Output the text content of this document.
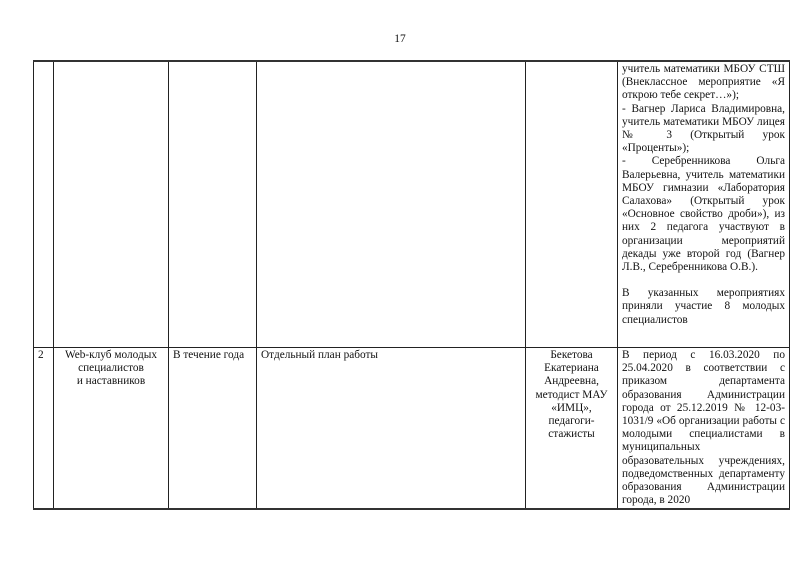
17

					учитель математики МБОУ СТШ (Внеклассное мероприятие «Я открою тебе секрет…»);
- Вагнер Лариса Владимировна, учитель математики МБОУ лицея № 3 (Открытый урок «Проценты»);
- Серебренникова Ольга Валерьевна, учитель математики МБОУ гимназии «Лаборатория Салахова» (Открытый урок «Основное свойство дроби»), из них 2 педагога участвуют в организации мероприятий декады уже второй год (Вагнер Л.В., Серебренникова О.В.).
В указанных мероприятиях приняли участие 8 молодых специалистов

2	Web-клуб молодых
специалистов
и наставников
	В течение года	Отдельный план работы	Бекетова
Екатериана
Андреевна,
методист МАУ
«ИМЦ»,
педагоги-
стажисты
	В период с 16.03.2020 по 25.04.2020 в соответствии с приказом департамента образования Администрации города от 25.12.2019 № 12-03-1031/9 «Об организации работы с молодыми специалистами в муниципальных образовательных учреждениях, подведомственных департаменту образования Администрации города, в 2020
